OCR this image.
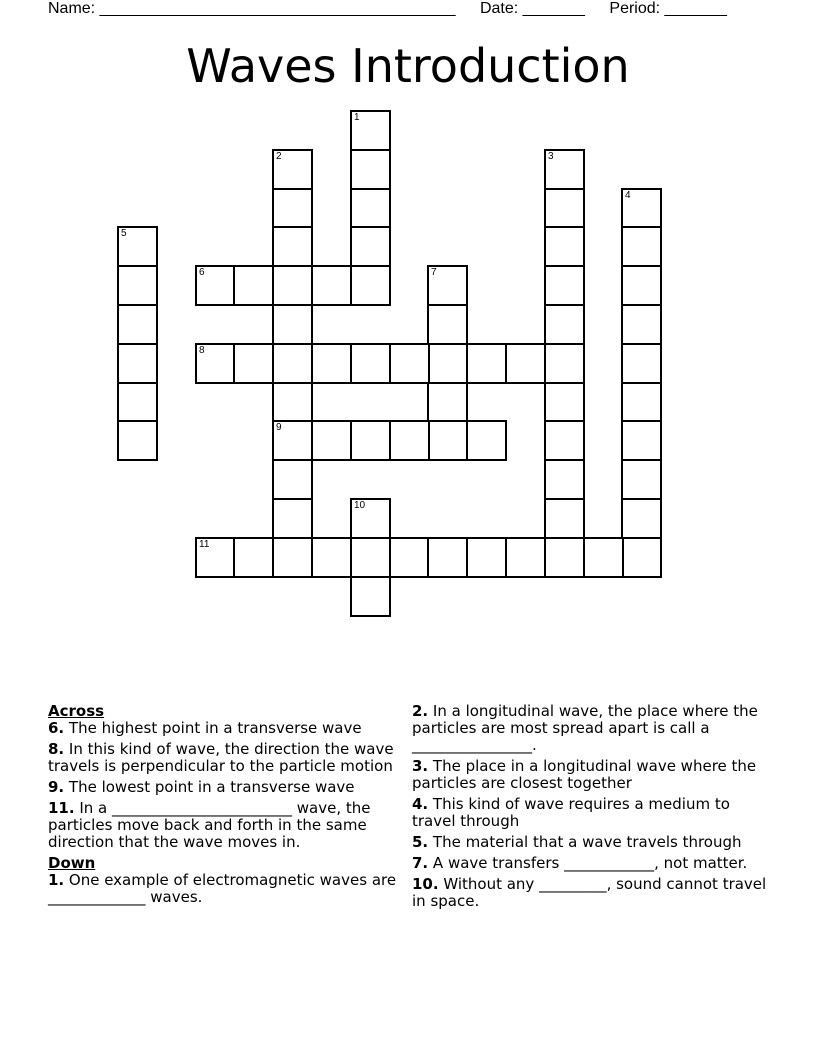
Name: ________________________________________ Date: _______ Period: _______
Waves Introduction
1
2
9
3
4
5
6	7
8
10
11
Across
6. The highest point in a transverse wave
8. In this kind of wave, the direction the wave travels is perpendicular to the particle motion
9. The lowest point in a transverse wave
11. In a ________________________ wave, the particles move back and forth in the same direction that the wave moves in.
Down
1. One example of electromagnetic waves are _____________ waves.
2. In a longitudinal wave, the place where the particles are most spread apart is call a ________________.
3. The place in a longitudinal wave where the particles are closest together
4. This kind of wave requires a medium to travel through
5. The material that a wave travels through
7. A wave transfers ____________, not matter.
10. Without any _________, sound cannot travel in space.
